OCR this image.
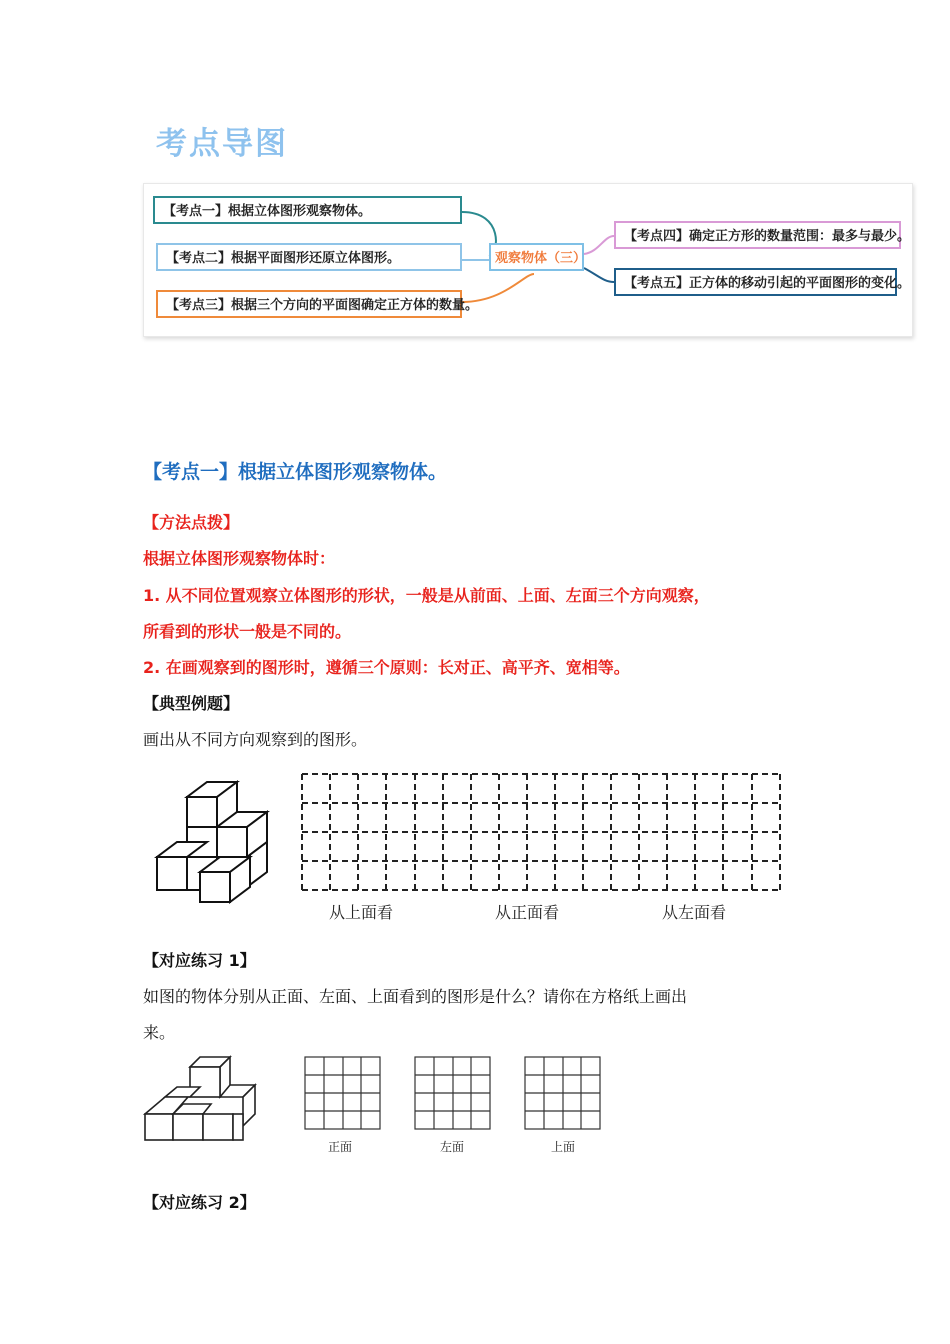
考点导图
【考点一】根据立体图形观察物体。
【考点二】根据平面图形还原立体图形。
【考点三】根据三个方向的平面图确定正方体的数量。
观察物体（三）
【考点四】确定正方形的数量范围：最多与最少。
【考点五】正方体的移动引起的平面图形的变化。
【考点一】根据立体图形观察物体。
【方法点拨】
根据立体图形观察物体时：
1. 从不同位置观察立体图形的形状，一般是从前面、上面、左面三个方向观察，
所看到的形状一般是不同的。
2. 在画观察到的图形时，遵循三个原则：长对正、高平齐、宽相等。
【典型例题】
画出从不同方向观察到的图形。
从上面看	从正面看	从左面看
【对应练习 1】
如图的物体分别从正面、左面、上面看到的图形是什么？请你在方格纸上画出
来。
正面	左面	上面
【对应练习 2】
